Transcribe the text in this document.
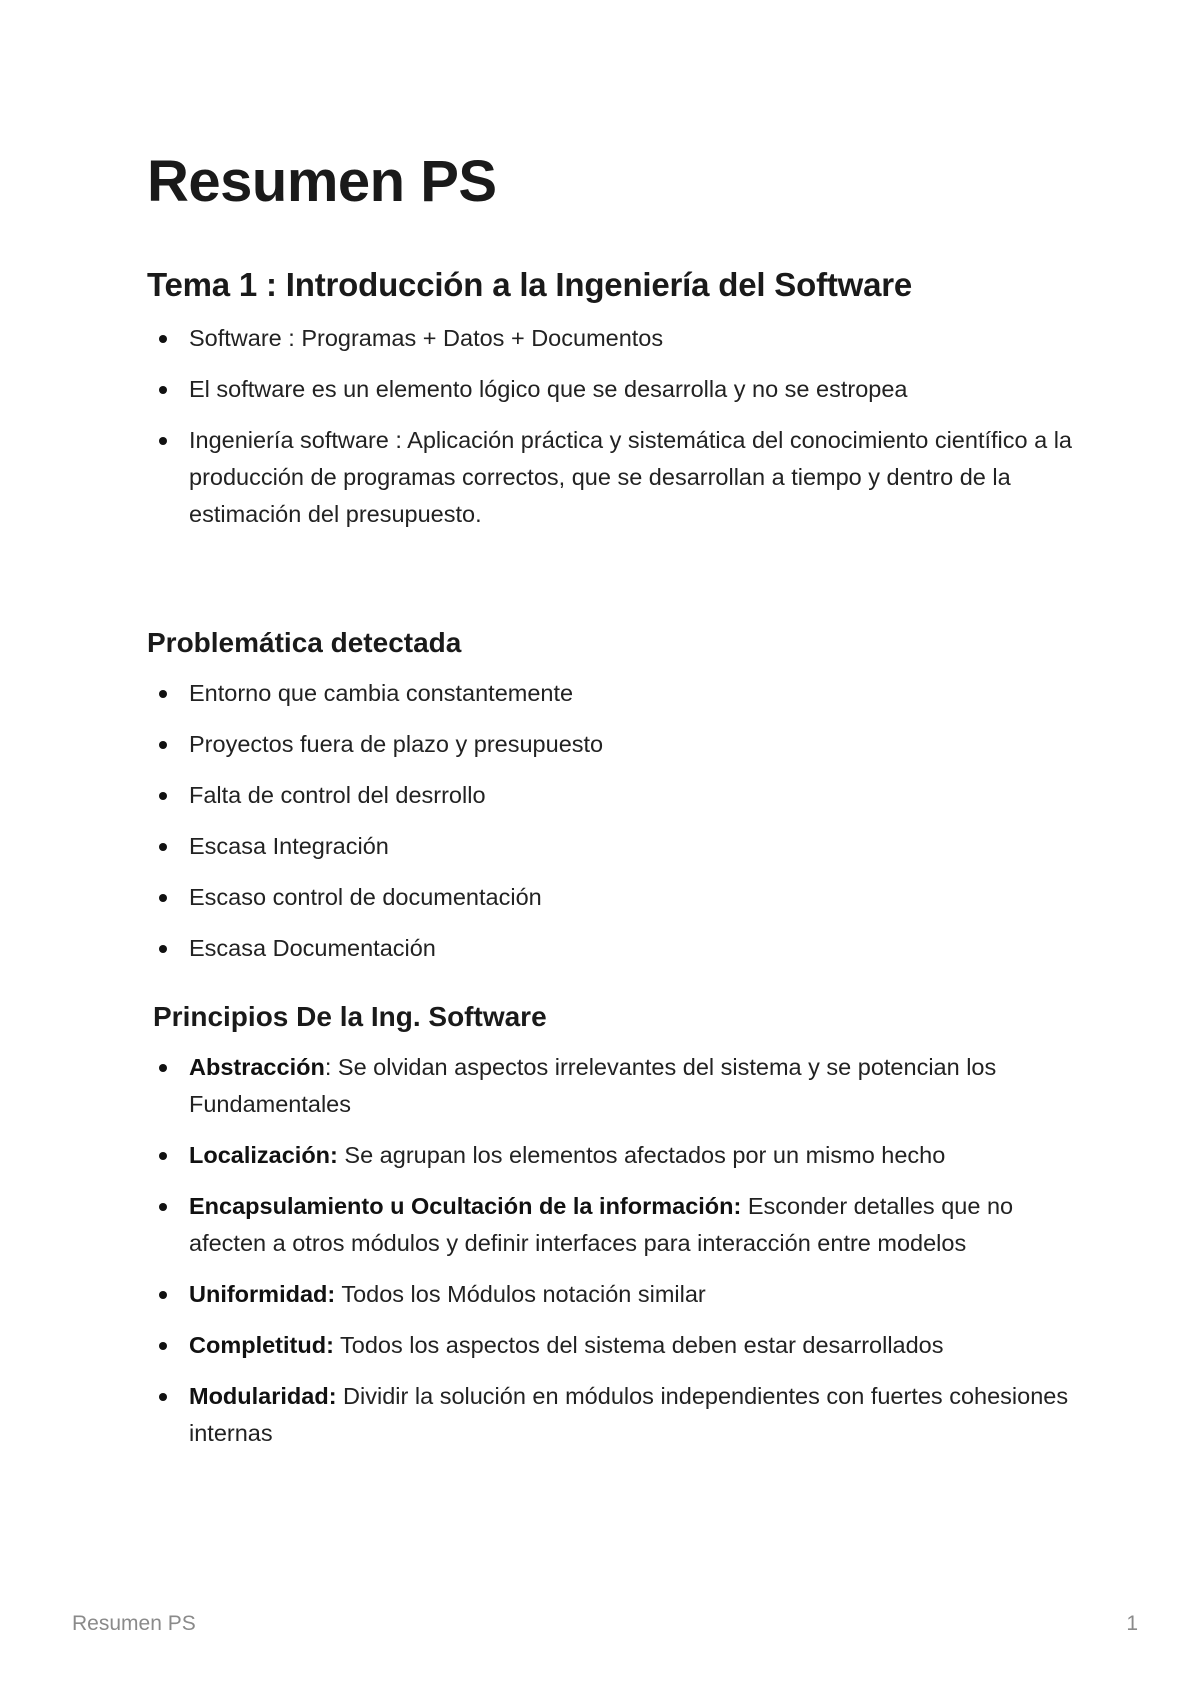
Resumen PS
Tema 1 : Introducción a la Ingeniería del Software
Software : Programas + Datos + Documentos
El software es un elemento lógico que se desarrolla y no se estropea
Ingeniería software : Aplicación práctica y sistemática del conocimiento científico a la producción de programas correctos, que se desarrollan a tiempo y dentro de la estimación del presupuesto.
Problemática detectada
Entorno que cambia constantemente
Proyectos fuera de plazo y presupuesto
Falta de control del desrrollo
Escasa Integración
Escaso control de documentación
Escasa Documentación
Principios De la Ing. Software
Abstracción: Se olvidan aspectos irrelevantes del sistema y se potencian los Fundamentales
Localización: Se agrupan los elementos afectados por un mismo hecho
Encapsulamiento u Ocultación de la información: Esconder detalles que no afecten a otros módulos y definir interfaces para interacción entre modelos
Uniformidad: Todos los Módulos notación similar
Completitud: Todos los aspectos del sistema deben estar desarrollados
Modularidad: Dividir la solución en módulos independientes con fuertes cohesiones internas
Resumen PS	1
